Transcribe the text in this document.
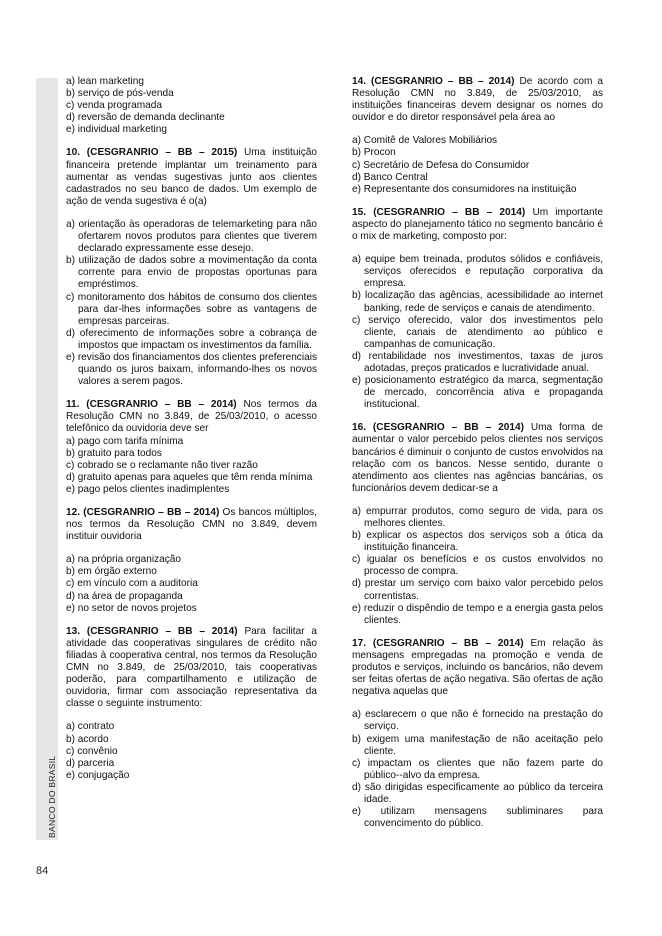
BANCO DO BRASIL
84

a) lean marketing

b) serviço de pós-venda

c) venda programada

d) reversão de demanda declinante

e) individual marketing

10. (CESGRANRIO – BB – 2015) Uma instituição financeira pretende implantar um treinamento para aumentar as vendas sugestivas junto aos clientes cadastrados no seu banco de dados. Um exemplo de ação de venda sugestiva é o(a)

a) orientação às operadoras de telemarketing para não ofertarem novos produtos para clientes que tiverem declarado expressamente esse desejo.

b) utilização de dados sobre a movimentação da conta corrente para envio de propostas oportunas para empréstimos.

c) monitoramento dos hábitos de consumo dos clientes para dar-lhes informações sobre as vantagens de empresas parceiras.

d) oferecimento de informações sobre a cobrança de impostos que impactam os investimentos da família.

e) revisão dos financiamentos dos clientes preferenciais quando os juros baixam, informando-lhes os novos valores a serem pagos.

11. (CESGRANRIO – BB – 2014) Nos termos da Resolução CMN no 3.849, de 25/03/2010, o acesso telefônico da ouvidoria deve ser

a) pago com tarifa mínima

b) gratuito para todos

c) cobrado se o reclamante não tiver razão

d) gratuito apenas para aqueles que têm renda mínima

e) pago pelos clientes inadimplentes

12. (CESGRANRIO – BB – 2014) Os bancos múltiplos, nos termos da Resolução CMN no 3.849, devem instituir ouvidoria

a) na própria organização

b) em órgão externo

c) em vínculo com a auditoria

d) na área de propaganda

e) no setor de novos projetos

13. (CESGRANRIO – BB – 2014) Para facilitar a atividade das cooperativas singulares de crédito não filiadas à cooperativa central, nos termos da Resolução CMN no 3.849, de 25/03/2010, tais cooperativas poderão, para compartilhamento e utilização de ouvidoria, firmar com associação representativa da classe o seguinte instrumento:

a) contrato

b) acordo

c) convênio

d) parceria

e) conjugação

14. (CESGRANRIO – BB – 2014) De acordo com a Resolução CMN no 3.849, de 25/03/2010, as instituições financeiras devem designar os nomes do ouvidor e do diretor responsável pela área ao

a) Comitê de Valores Mobiliários

b) Procon

c) Secretário de Defesa do Consumidor

d) Banco Central

e) Representante dos consumidores na instituição

15. (CESGRANRIO – BB – 2014) Um importante aspecto do planejamento tático no segmento bancário é o mix de marketing, composto por:

a) equipe bem treinada, produtos sólidos e confiáveis, serviços oferecidos e reputação corporativa da empresa.

b) localização das agências, acessibilidade ao internet banking, rede de serviços e canais de atendimento.

c) serviço oferecido, valor dos investimentos pelo cliente, canais de atendimento ao público e campanhas de comunicação.

d) rentabilidade nos investimentos, taxas de juros adotadas, preços praticados e lucratividade anual.

e) posicionamento estratégico da marca, segmentação de mercado, concorrência ativa e propaganda institucional.

16. (CESGRANRIO – BB – 2014) Uma forma de aumentar o valor percebido pelos clientes nos serviços bancários é diminuir o conjunto de custos envolvidos na relação com os bancos. Nesse sentido, durante o atendimento aos clientes nas agências bancárias, os funcionários devem dedicar-se a

a) empurrar produtos, como seguro de vida, para os melhores clientes.

b) explicar os aspectos dos serviços sob a ótica da instituição financeira.

c) igualar os benefícios e os custos envolvidos no processo de compra.

d) prestar um serviço com baixo valor percebido pelos correntistas.

e) reduzir o dispêndio de tempo e a energia gasta pelos clientes.

17. (CESGRANRIO – BB – 2014) Em relação às mensagens empregadas na promoção e venda de produtos e serviços, incluindo os bancários, não devem ser feitas ofertas de ação negativa. São ofertas de ação negativa aquelas que

a) esclarecem o que não é fornecido na prestação do serviço.

b) exigem uma manifestação de não aceitação pelo cliente.

c) impactam os clientes que não fazem parte do público--alvo da empresa.

d) são dirigidas especificamente ao público da terceira idade.

e) utilizam mensagens subliminares para convencimento do público.
